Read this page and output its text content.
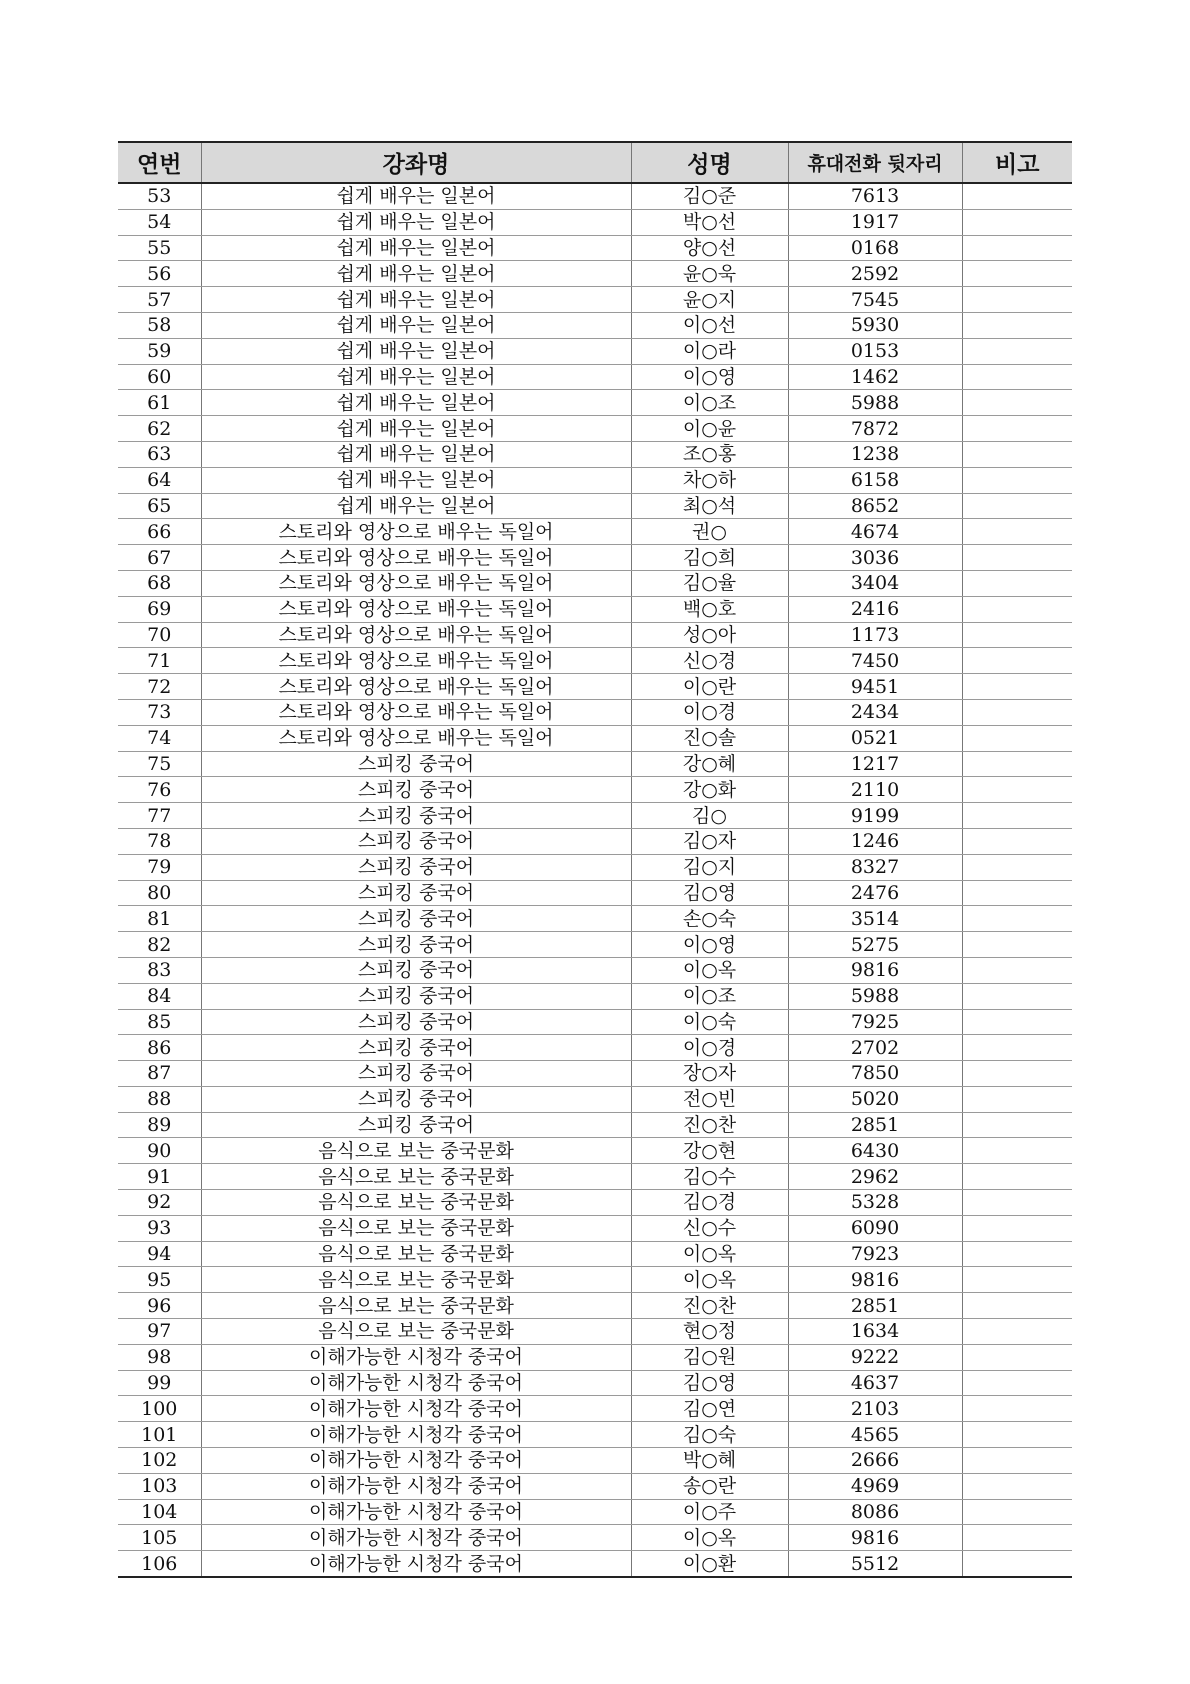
연번	강좌명	성명	휴대전화 뒷자리	비고
53	쉽게 배우는 일본어	김○준	7613	
54	쉽게 배우는 일본어	박○선	1917	
55	쉽게 배우는 일본어	양○선	0168	
56	쉽게 배우는 일본어	윤○욱	2592	
57	쉽게 배우는 일본어	윤○지	7545	
58	쉽게 배우는 일본어	이○선	5930	
59	쉽게 배우는 일본어	이○라	0153	
60	쉽게 배우는 일본어	이○영	1462	
61	쉽게 배우는 일본어	이○조	5988	
62	쉽게 배우는 일본어	이○윤	7872	
63	쉽게 배우는 일본어	조○홍	1238	
64	쉽게 배우는 일본어	차○하	6158	
65	쉽게 배우는 일본어	최○석	8652	
66	스토리와 영상으로 배우는 독일어	권○	4674	
67	스토리와 영상으로 배우는 독일어	김○희	3036	
68	스토리와 영상으로 배우는 독일어	김○율	3404	
69	스토리와 영상으로 배우는 독일어	백○호	2416	
70	스토리와 영상으로 배우는 독일어	성○아	1173	
71	스토리와 영상으로 배우는 독일어	신○경	7450	
72	스토리와 영상으로 배우는 독일어	이○란	9451	
73	스토리와 영상으로 배우는 독일어	이○경	2434	
74	스토리와 영상으로 배우는 독일어	진○솔	0521	
75	스피킹 중국어	강○혜	1217	
76	스피킹 중국어	강○화	2110	
77	스피킹 중국어	김○	9199	
78	스피킹 중국어	김○자	1246	
79	스피킹 중국어	김○지	8327	
80	스피킹 중국어	김○영	2476	
81	스피킹 중국어	손○숙	3514	
82	스피킹 중국어	이○영	5275	
83	스피킹 중국어	이○옥	9816	
84	스피킹 중국어	이○조	5988	
85	스피킹 중국어	이○숙	7925	
86	스피킹 중국어	이○경	2702	
87	스피킹 중국어	장○자	7850	
88	스피킹 중국어	전○빈	5020	
89	스피킹 중국어	진○찬	2851	
90	음식으로 보는 중국문화	강○현	6430	
91	음식으로 보는 중국문화	김○수	2962	
92	음식으로 보는 중국문화	김○경	5328	
93	음식으로 보는 중국문화	신○수	6090	
94	음식으로 보는 중국문화	이○옥	7923	
95	음식으로 보는 중국문화	이○옥	9816	
96	음식으로 보는 중국문화	진○찬	2851	
97	음식으로 보는 중국문화	현○정	1634	
98	이해가능한 시청각 중국어	김○원	9222	
99	이해가능한 시청각 중국어	김○영	4637	
100	이해가능한 시청각 중국어	김○연	2103	
101	이해가능한 시청각 중국어	김○숙	4565	
102	이해가능한 시청각 중국어	박○혜	2666	
103	이해가능한 시청각 중국어	송○란	4969	
104	이해가능한 시청각 중국어	이○주	8086	
105	이해가능한 시청각 중국어	이○옥	9816	
106	이해가능한 시청각 중국어	이○환	5512	
